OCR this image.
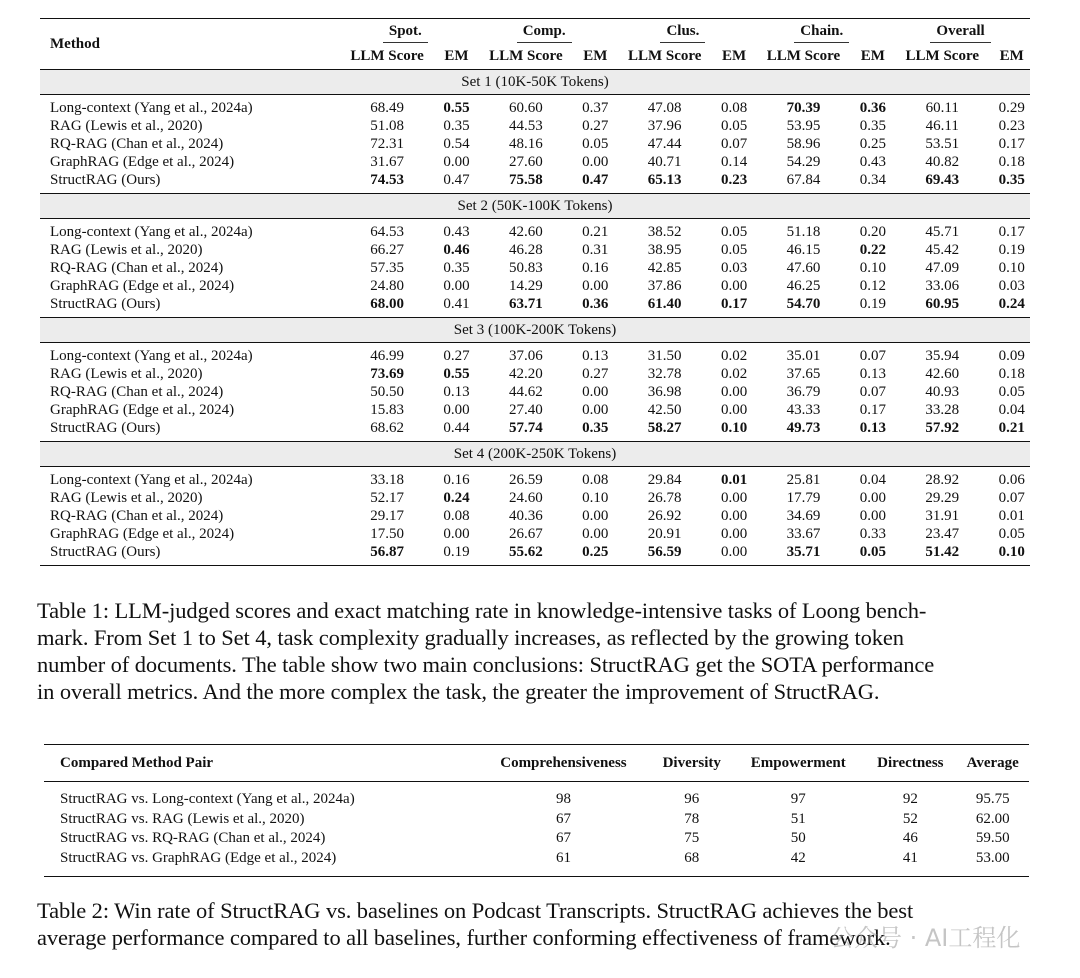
Method	Spot.		Comp.		Clus.		Chain.		Overall	
	LLM Score	EM	LLM Score	EM	LLM Score	EM	LLM Score	EM	LLM Score	EM
Set 1 (10K-50K Tokens)										

Long-context (Yang et al., 2024a)	68.49	0.55	60.60	0.37	47.08	0.08	70.39	0.36	60.11	0.29
RAG (Lewis et al., 2020)	51.08	0.35	44.53	0.27	37.96	0.05	53.95	0.35	46.11	0.23
RQ-RAG (Chan et al., 2024)	72.31	0.54	48.16	0.05	47.44	0.07	58.96	0.25	53.51	0.17
GraphRAG (Edge et al., 2024)	31.67	0.00	27.60	0.00	40.71	0.14	54.29	0.43	40.82	0.18
StructRAG (Ours)	74.53	0.47	75.58	0.47	65.13	0.23	67.84	0.34	69.43	0.35

Set 2 (50K-100K Tokens)										

Long-context (Yang et al., 2024a)	64.53	0.43	42.60	0.21	38.52	0.05	51.18	0.20	45.71	0.17
RAG (Lewis et al., 2020)	66.27	0.46	46.28	0.31	38.95	0.05	46.15	0.22	45.42	0.19
RQ-RAG (Chan et al., 2024)	57.35	0.35	50.83	0.16	42.85	0.03	47.60	0.10	47.09	0.10
GraphRAG (Edge et al., 2024)	24.80	0.00	14.29	0.00	37.86	0.00	46.25	0.12	33.06	0.03
StructRAG (Ours)	68.00	0.41	63.71	0.36	61.40	0.17	54.70	0.19	60.95	0.24

Set 3 (100K-200K Tokens)										

Long-context (Yang et al., 2024a)	46.99	0.27	37.06	0.13	31.50	0.02	35.01	0.07	35.94	0.09
RAG (Lewis et al., 2020)	73.69	0.55	42.20	0.27	32.78	0.02	37.65	0.13	42.60	0.18
RQ-RAG (Chan et al., 2024)	50.50	0.13	44.62	0.00	36.98	0.00	36.79	0.07	40.93	0.05
GraphRAG (Edge et al., 2024)	15.83	0.00	27.40	0.00	42.50	0.00	43.33	0.17	33.28	0.04
StructRAG (Ours)	68.62	0.44	57.74	0.35	58.27	0.10	49.73	0.13	57.92	0.21

Set 4 (200K-250K Tokens)										

Long-context (Yang et al., 2024a)	33.18	0.16	26.59	0.08	29.84	0.01	25.81	0.04	28.92	0.06
RAG (Lewis et al., 2020)	52.17	0.24	24.60	0.10	26.78	0.00	17.79	0.00	29.29	0.07
RQ-RAG (Chan et al., 2024)	29.17	0.08	40.36	0.00	26.92	0.00	34.69	0.00	31.91	0.01
GraphRAG (Edge et al., 2024)	17.50	0.00	26.67	0.00	20.91	0.00	33.67	0.33	23.47	0.05
StructRAG (Ours)	56.87	0.19	55.62	0.25	56.59	0.00	35.71	0.05	51.42	0.10

Table 1: LLM-judged scores and exact matching rate in knowledge-intensive tasks of Loong bench-
mark. From Set 1 to Set 4, task complexity gradually increases, as reflected by the growing token
number of documents. The table show two main conclusions: StructRAG get the SOTA performance
in overall metrics. And the more complex the task, the greater the improvement of StructRAG.
Compared Method Pair	Comprehensiveness	Diversity	Empowerment	Directness	Average

StructRAG vs. Long-context (Yang et al., 2024a)	98	96	97	92	95.75
StructRAG vs. RAG (Lewis et al., 2020)	67	78	51	52	62.00
StructRAG vs. RQ-RAG (Chan et al., 2024)	67	75	50	46	59.50
StructRAG vs. GraphRAG (Edge et al., 2024)	61	68	42	41	53.00

Table 2: Win rate of StructRAG vs. baselines on Podcast Transcripts. StructRAG achieves the best
average performance compared to all baselines, further conforming effectiveness of framework.
公众号 · AI工程化
